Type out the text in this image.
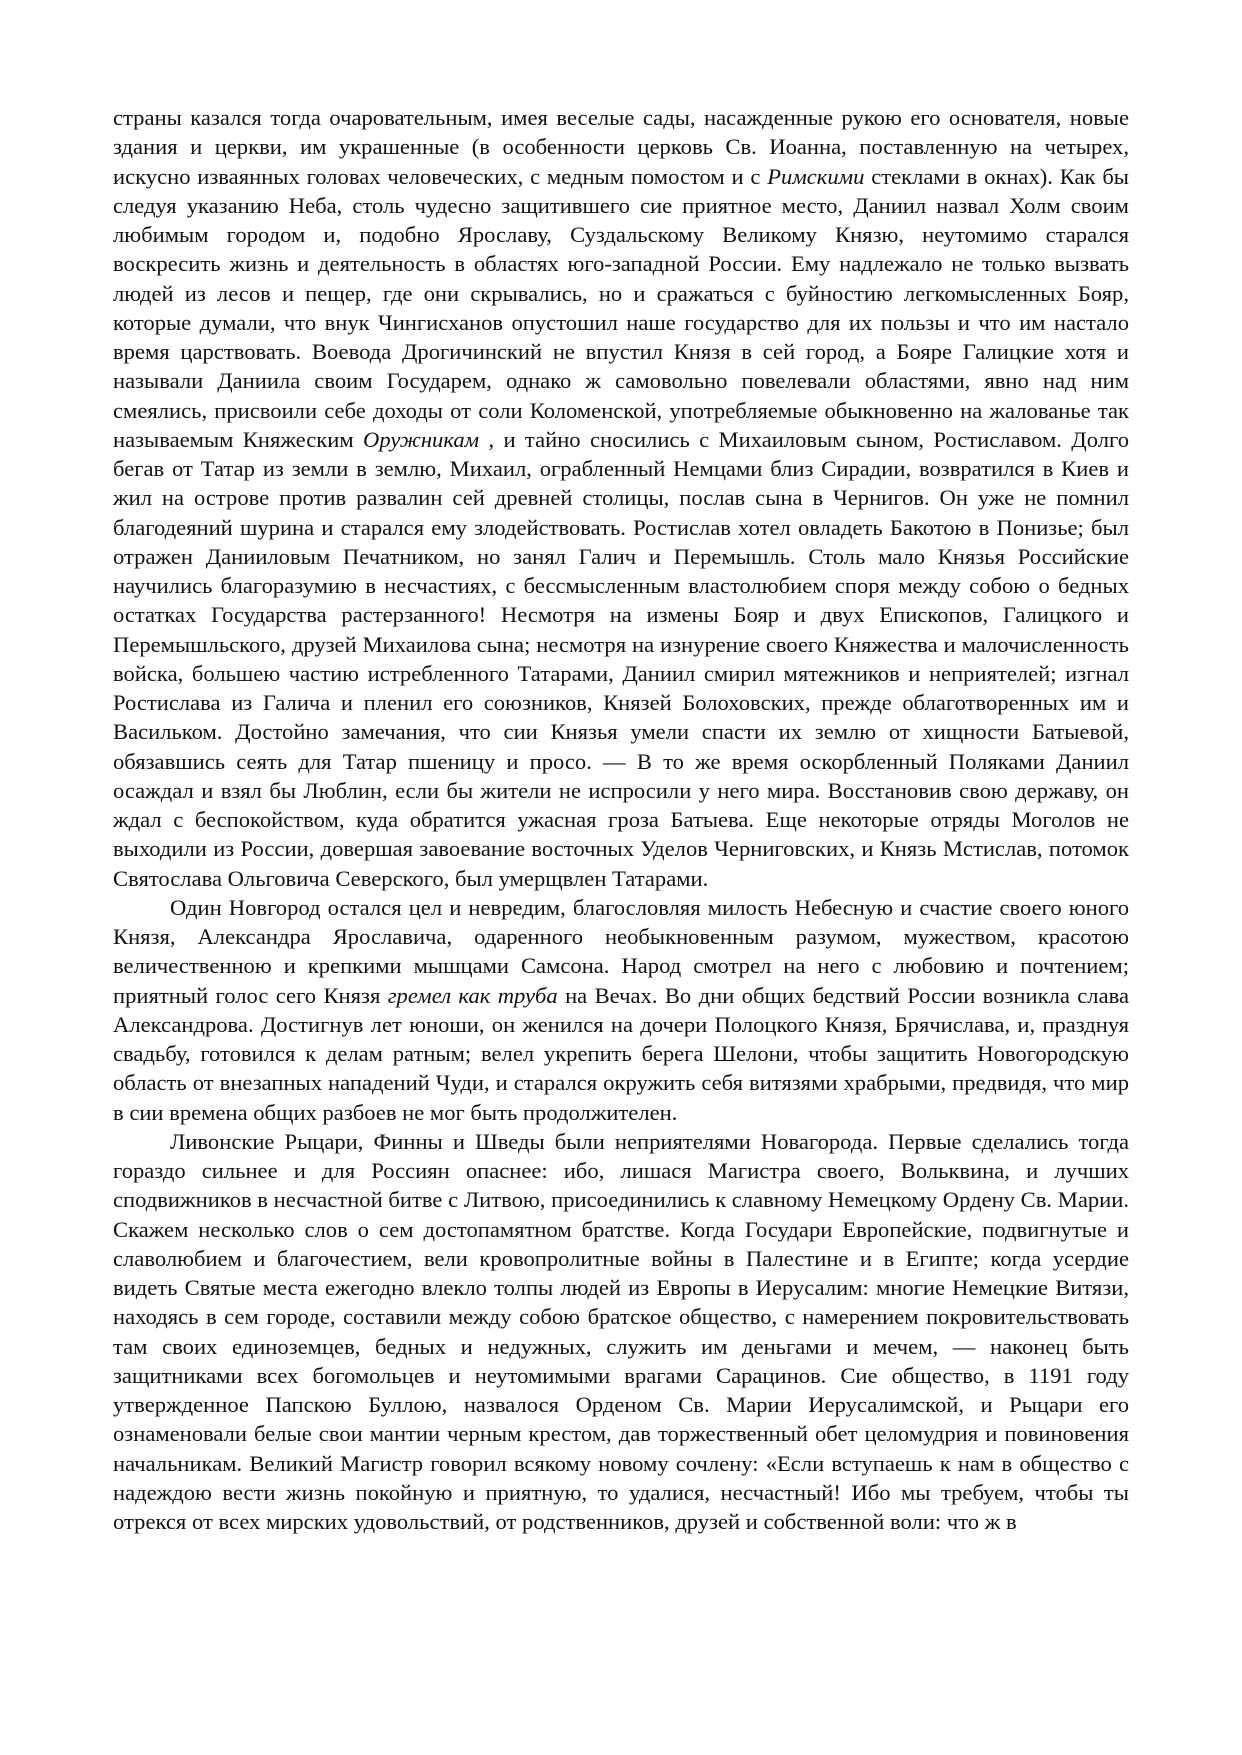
страны казался тогда очаровательным, имея веселые сады, насажденные рукою его основателя, новые здания и церкви, им украшенные (в особенности церковь Св. Иоанна, поставленную на четырех, искусно изваянных головах человеческих, с медным помостом и с Римскими стеклами в окнах). Как бы следуя указанию Неба, столь чудесно защитившего сие приятное место, Даниил назвал Холм своим любимым городом и, подобно Ярославу, Суздальскому Великому Князю, неутомимо старался воскресить жизнь и деятельность в областях юго-западной России. Ему надлежало не только вызвать людей из лесов и пещер, где они скрывались, но и сражаться с буйностию легкомысленных Бояр, которые думали, что внук Чингисханов опустошил наше государство для их пользы и что им настало время царствовать. Воевода Дрогичинский не впустил Князя в сей город, а Бояре Галицкие хотя и называли Даниила своим Государем, однако ж самовольно повелевали областями, явно над ним смеялись, присвоили себе доходы от соли Коломенской, употребляемые обыкновенно на жалованье так называемым Княжеским Оружникам , и тайно сносились с Михаиловым сыном, Ростиславом. Долго бегав от Татар из земли в землю, Михаил, ограбленный Немцами близ Сирадии, возвратился в Киев и жил на острове против развалин сей древней столицы, послав сына в Чернигов. Он уже не помнил благодеяний шурина и старался ему злодействовать. Ростислав хотел овладеть Бакотою в Понизье; был отражен Данииловым Печатником, но занял Галич и Перемышль. Столь мало Князья Российские научились благоразумию в несчастиях, с бессмысленным властолюбием споря между собою о бедных остатках Государства растерзанного! Несмотря на измены Бояр и двух Епископов, Галицкого и Перемышльского, друзей Михаилова сына; несмотря на изнурение своего Княжества и малочисленность войска, большею частию истребленного Татарами, Даниил смирил мятежников и неприятелей; изгнал Ростислава из Галича и пленил его союзников, Князей Болоховских, прежде облаготворенных им и Васильком. Достойно замечания, что сии Князья умели спасти их землю от хищности Батыевой, обязавшись сеять для Татар пшеницу и просо. — В то же время оскорбленный Поляками Даниил осаждал и взял бы Люблин, если бы жители не испросили у него мира. Восстановив свою державу, он ждал с беспокойством, куда обратится ужасная гроза Батыева. Еще некоторые отряды Моголов не выходили из России, довершая завоевание восточных Уделов Черниговских, и Князь Мстислав, потомок Святослава Ольговича Северского, был умерщвлен Татарами.

Один Новгород остался цел и невредим, благословляя милость Небесную и счастие своего юного Князя, Александра Ярославича, одаренного необыкновенным разумом, мужеством, красотою величественною и крепкими мышцами Самсона. Народ смотрел на него с любовию и почтением; приятный голос сего Князя гремел как труба на Вечах. Во дни общих бедствий России возникла слава Александрова. Достигнув лет юноши, он женился на дочери Полоцкого Князя, Брячислава, и, празднуя свадьбу, готовился к делам ратным; велел укрепить берега Шелони, чтобы защитить Новогородскую область от внезапных нападений Чуди, и старался окружить себя витязями храбрыми, предвидя, что мир в сии времена общих разбоев не мог быть продолжителен.

Ливонские Рыцари, Финны и Шведы были неприятелями Новагорода. Первые сделались тогда гораздо сильнее и для Россиян опаснее: ибо, лишася Магистра своего, Вольквина, и лучших сподвижников в несчастной битве с Литвою, присоединились к славному Немецкому Ордену Св. Марии. Скажем несколько слов о сем достопамятном братстве. Когда Государи Европейские, подвигнутые и славолюбием и благочестием, вели кровопролитные войны в Палестине и в Египте; когда усердие видеть Святые места ежегодно влекло толпы людей из Европы в Иерусалим: многие Немецкие Витязи, находясь в сем городе, составили между собою братское общество, с намерением покровительствовать там своих единоземцев, бедных и недужных, служить им деньгами и мечем, — наконец быть защитниками всех богомольцев и неутомимыми врагами Сарацинов. Сие общество, в 1191 году утвержденное Папскою Буллою, назвалося Орденом Св. Марии Иерусалимской, и Рыцари его ознаменовали белые свои мантии черным крестом, дав торжественный обет целомудрия и повиновения начальникам. Великий Магистр говорил всякому новому сочлену: «Если вступаешь к нам в общество с надеждою вести жизнь покойную и приятную, то удалися, несчастный! Ибо мы требуем, чтобы ты отрекся от всех мирских удовольствий, от родственников, друзей и собственной воли: что ж в
